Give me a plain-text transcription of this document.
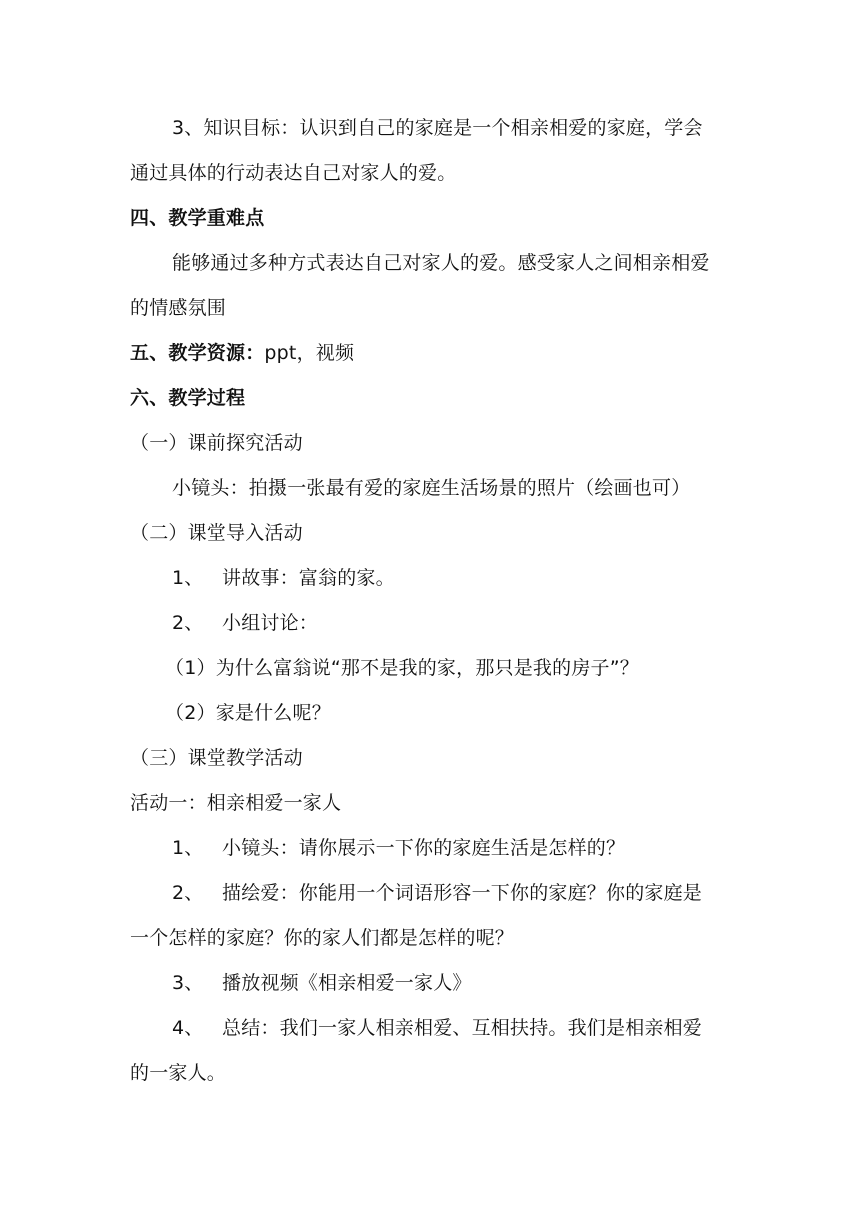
3、知识目标：认识到自己的家庭是一个相亲相爱的家庭，学会
通过具体的行动表达自己对家人的爱。
四、教学重难点
能够通过多种方式表达自己对家人的爱。感受家人之间相亲相爱
的情感氛围
五、教学资源：ppt，视频
六、教学过程
（一）课前探究活动
小镜头：拍摄一张最有爱的家庭生活场景的照片（绘画也可）
（二）课堂导入活动
1、 讲故事：富翁的家。
2、 小组讨论：
（1）为什么富翁说“那不是我的家，那只是我的房子”？
（2）家是什么呢？
（三）课堂教学活动
活动一：相亲相爱一家人
1、 小镜头：请你展示一下你的家庭生活是怎样的？
2、 描绘爱：你能用一个词语形容一下你的家庭？你的家庭是
一个怎样的家庭？你的家人们都是怎样的呢？
3、 播放视频《相亲相爱一家人》
4、 总结：我们一家人相亲相爱、互相扶持。我们是相亲相爱
的一家人。
